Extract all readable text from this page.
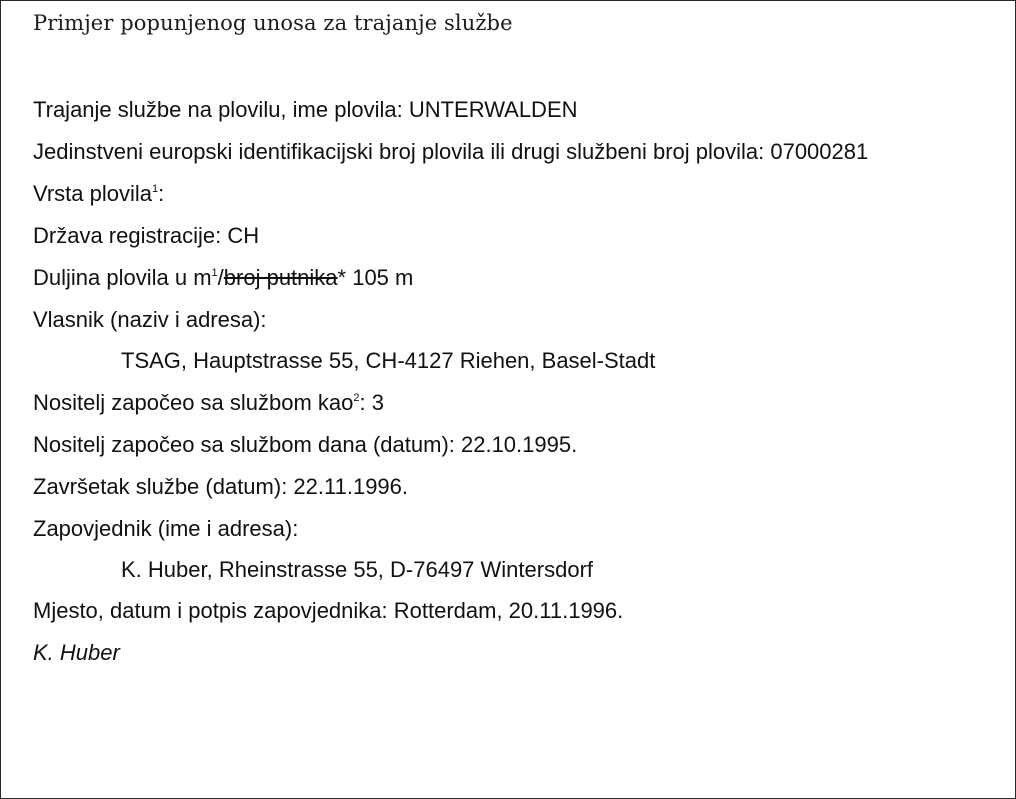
Primjer popunjenog unosa za trajanje službe
Trajanje službe na plovilu, ime plovila: UNTERWALDEN
Jedinstveni europski identifikacijski broj plovila ili drugi službeni broj plovila: 07000281
Vrsta plovila$^1$:
Država registracije: CH
Duljina plovila u $m^1$/broj putnika* 105 m
Vlasnik (naziv i adresa):
TSAG, Hauptstrasse 55, CH-4127 Riehen, Basel-Stadt
Nositelj započeo sa službom kao$^2$: 3
Nositelj započeo sa službom dana (datum): 22.10.1995.
Završetak službe (datum): 22.11.1996.
Zapovjednik (ime i adresa):
K. Huber, Rheinstrasse 55, D-76497 Wintersdorf
Mjesto, datum i potpis zapovjednika: Rotterdam, 20.11.1996.
K. Huber
